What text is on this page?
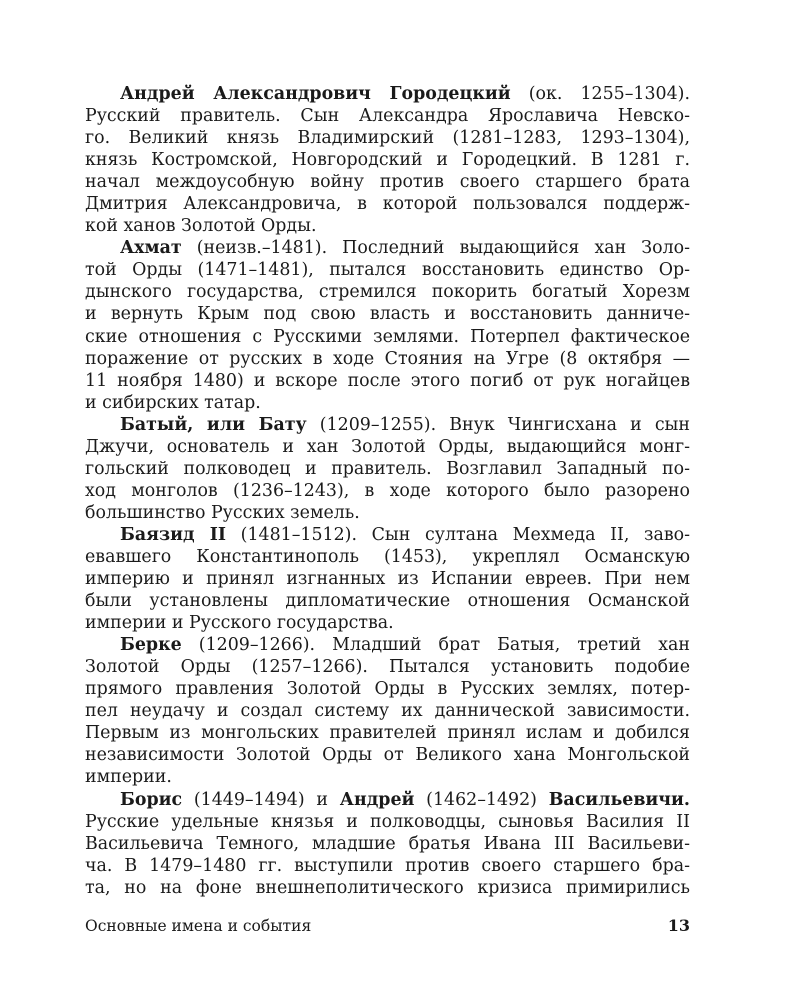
Андрей Александрович Городецкий (ок. 1255–1304).
Русский правитель. Сын Александра Ярославича Невско-
го. Великий князь Владимирский (1281–1283, 1293–1304),
князь Костромской, Новгородский и Городецкий. В 1281 г.
начал междоусобную войну против своего старшего брата
Дмитрия Александровича, в которой пользовался поддерж-
кой ханов Золотой Орды.
Ахмат (неизв.–1481). Последний выдающийся хан Золо-
той Орды (1471–1481), пытался восстановить единство Ор-
дынского государства, стремился покорить богатый Хорезм
и вернуть Крым под свою власть и восстановить данниче-
ские отношения с Русскими землями. Потерпел фактическое
поражение от русских в ходе Стояния на Угре (8 октября —
11 ноября 1480) и вскоре после этого погиб от рук ногайцев
и сибирских татар.
Батый, или Бату (1209–1255). Внук Чингисхана и сын
Джучи, основатель и хан Золотой Орды, выдающийся монг-
гольский полководец и правитель. Возглавил Западный по-
ход монголов (1236–1243), в ходе которого было разорено
большинство Русских земель.
Баязид II (1481–1512). Сын султана Мехмеда II, заво-
евавшего Константинополь (1453), укреплял Османскую
империю и принял изгнанных из Испании евреев. При нем
были установлены дипломатические отношения Османской
империи и Русского государства.
Берке (1209–1266). Младший брат Батыя, третий хан
Золотой Орды (1257–1266). Пытался установить подобие
прямого правления Золотой Орды в Русских землях, потер-
пел неудачу и создал систему их даннической зависимости.
Первым из монгольских правителей принял ислам и добился
независимости Золотой Орды от Великого хана Монгольской
империи.
Борис (1449–1494) и Андрей (1462–1492) Васильевичи.
Русские удельные князья и полководцы, сыновья Василия II
Васильевича Темного, младшие братья Ивана III Васильеви-
ча. В 1479–1480 гг. выступили против своего старшего бра-
та, но на фоне внешнеполитического кризиса примирились
Основные имена и события	13
